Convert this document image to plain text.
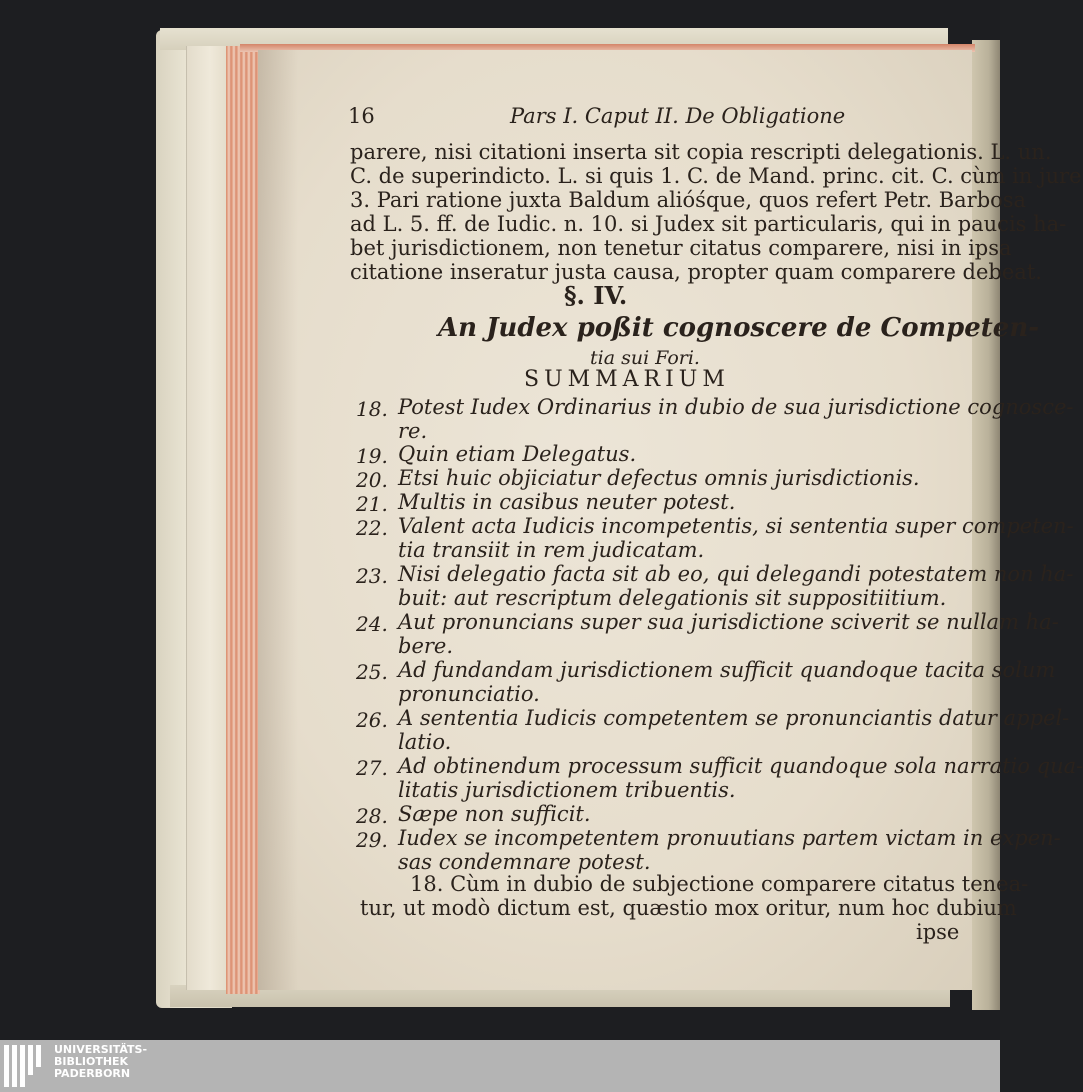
16	Pars I. Caput II. De Obligatione
parere, nisi citationi inserta sit copia rescripti delegationis. L. un.
C. de superindicto. L. si quis 1. C. de Mand. princ. cit. C. cùm in jure
3. Pari ratione juxta Baldum alióśque, quos refert Petr. Barbosa
ad L. 5. ff. de Iudic. n. 10. si Judex sit particularis, qui in paucis ha-
bet jurisdictionem, non tenetur citatus comparere, nisi in ipsa
citatione inseratur justa causa, propter quam comparere debeat.
§. IV.
An Judex poßit cognoscere de Competen-
tia sui Fori.
SUMMARIUM
18. Potest Iudex Ordinarius in dubio de sua jurisdictione cognosce-
re.
19. Quin etiam Delegatus.
20. Etsi huic objiciatur defectus omnis jurisdictionis.
21. Multis in casibus neuter potest.
22. Valent acta Iudicis incompetentis, si sententia super competen-
tia transiit in rem judicatam.
23. Nisi delegatio facta sit ab eo, qui delegandi potestatem non ha-
buit: aut rescriptum delegationis sit suppositiitium.
24. Aut pronuncians super sua jurisdictione sciverit se nullam ha-
bere.
25. Ad fundandam jurisdictionem sufficit quandoque tacita solum
pronunciatio.
26. A sententia Iudicis competentem se pronunciantis datur appel-
latio.
27. Ad obtinendum processum sufficit quandoque sola narratio qua-
litatis jurisdictionem tribuentis.
28. Sæpe non sufficit.
29. Iudex se incompetentem pronuutians partem victam in expen-
sas condemnare potest.
18. Cùm in dubio de subjectione comparere citatus tenea-
tur, ut modò dictum est, quæstio mox oritur, num hoc dubium
ipse
UNIVERSITÄTS-
BIBLIOTHEK
PADERBORN
